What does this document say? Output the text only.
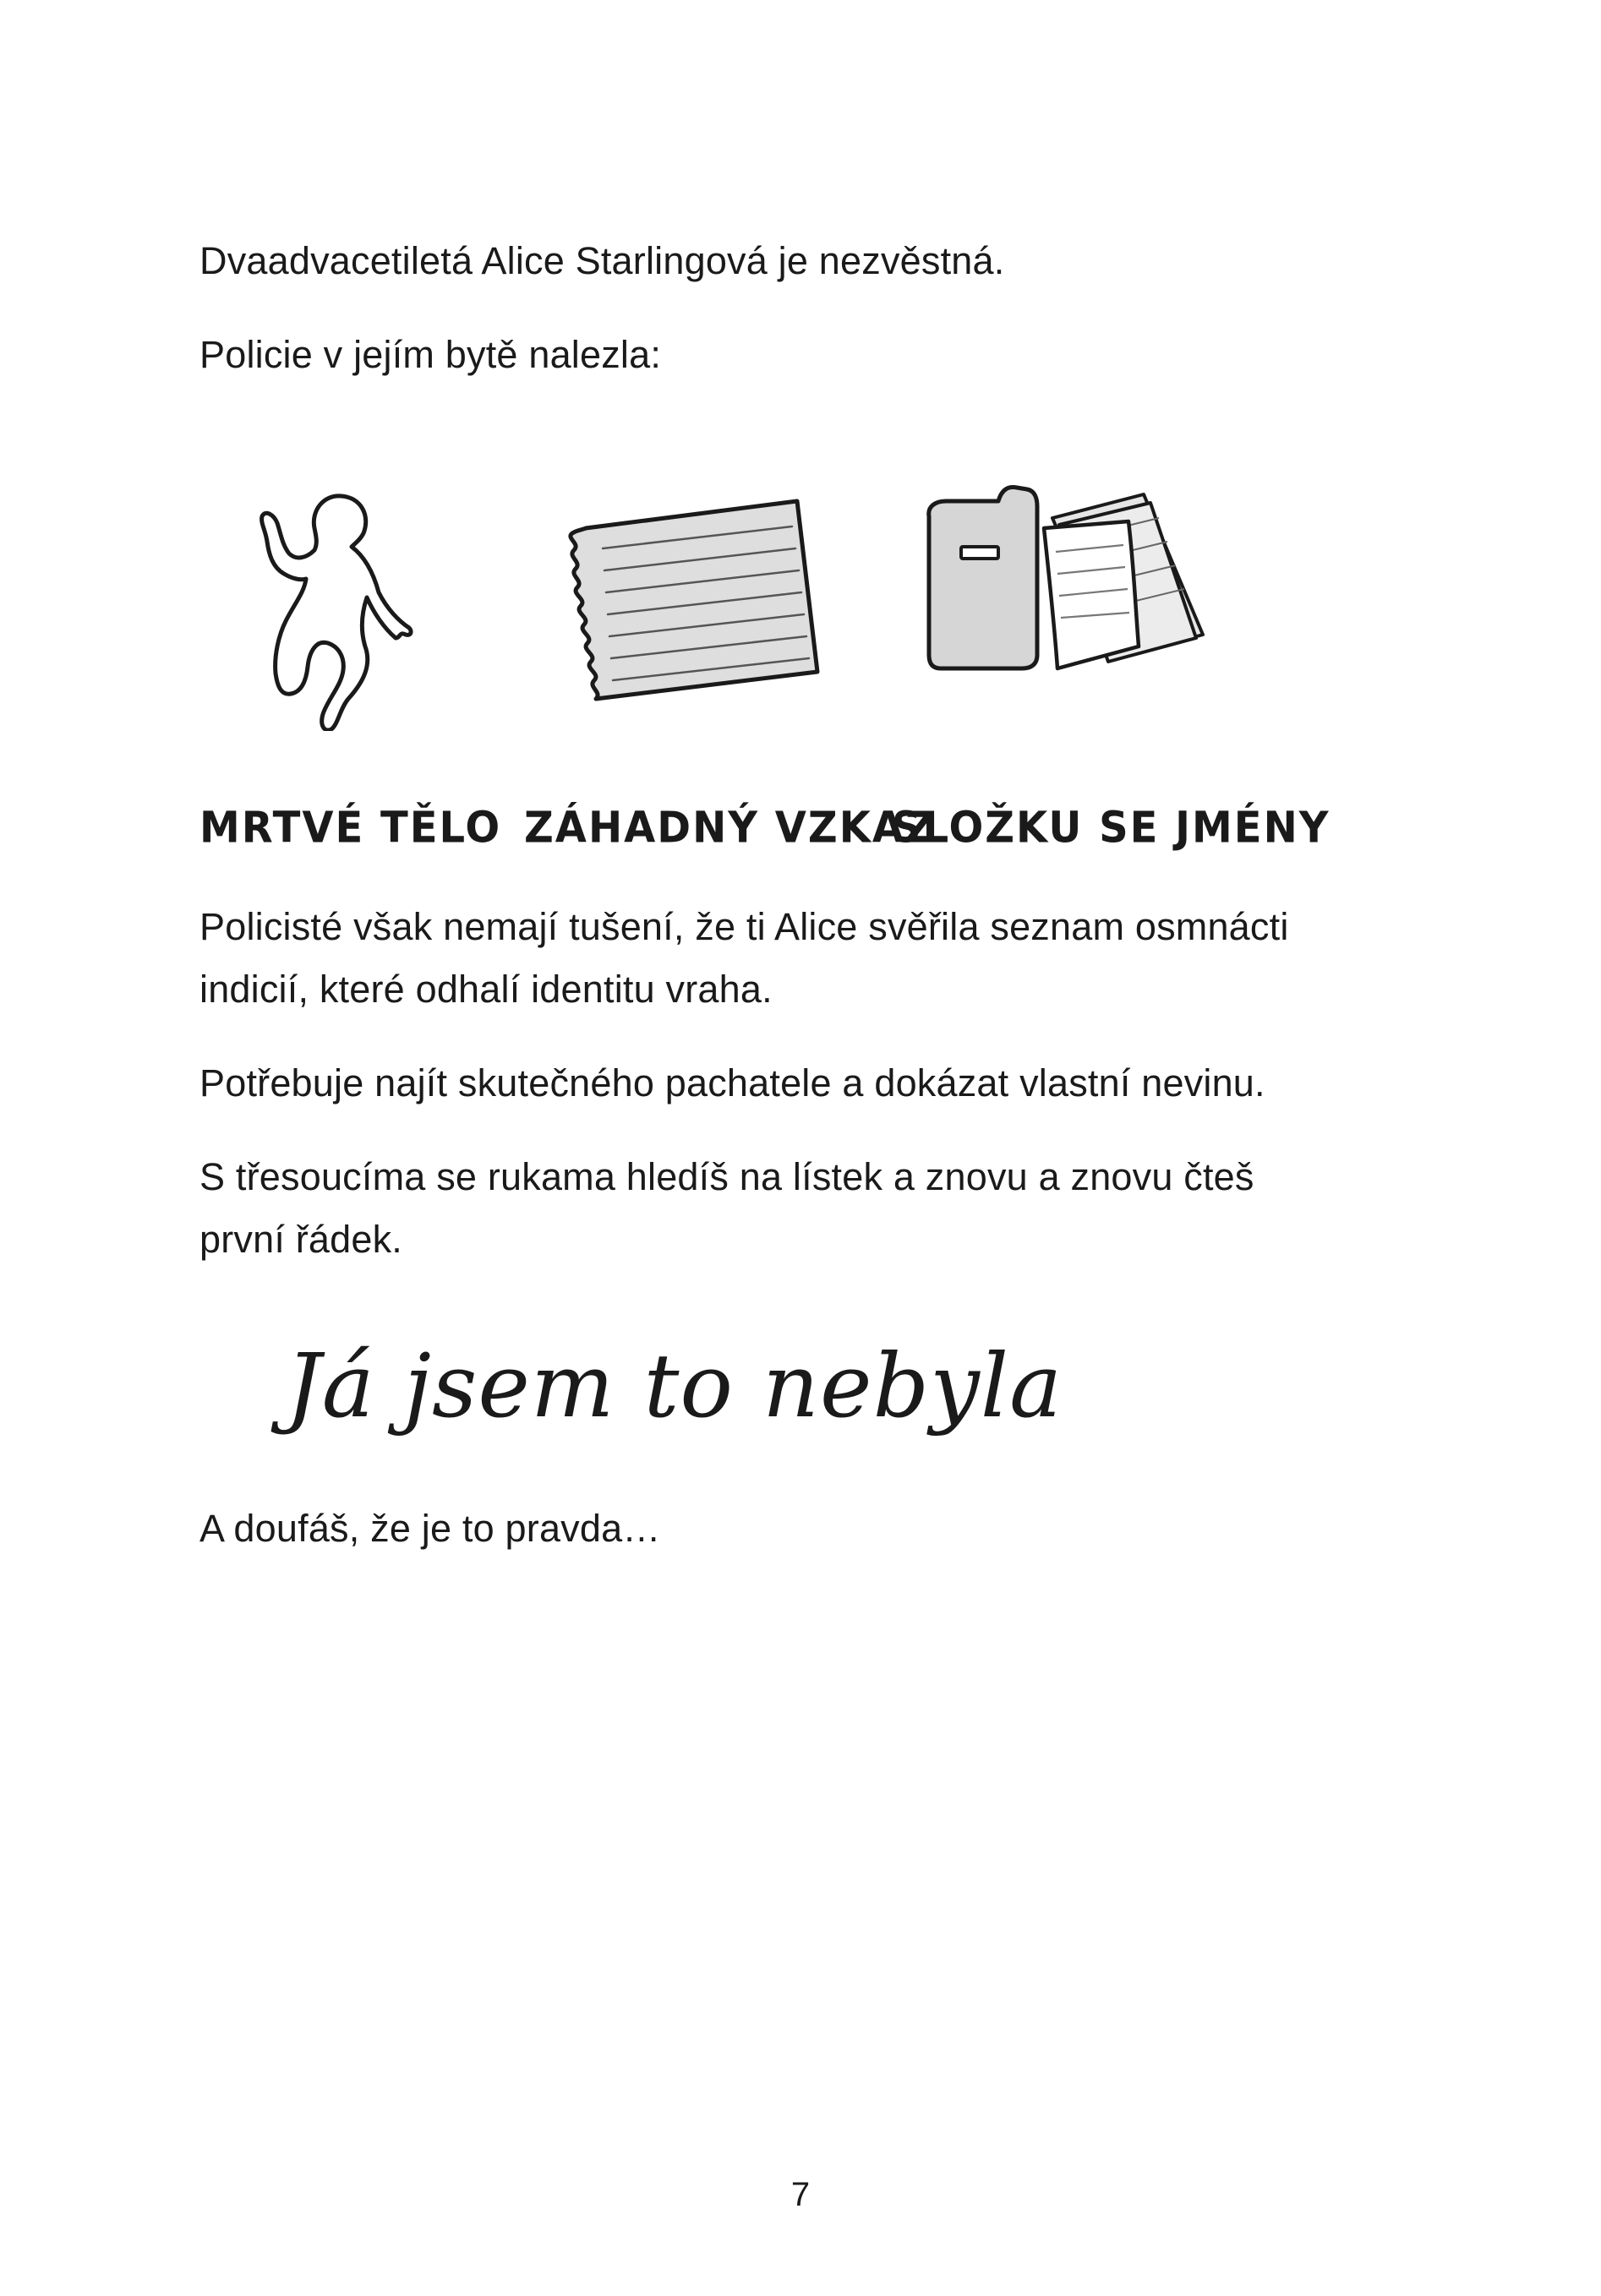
Dvaadvacetiletá Alice Starlingová je nezvěstná.

Policie v jejím bytě nalezla:

MRTVÉ TĚLO ZÁHADNÝ VZKAZ

SLOŽKU SE JMÉNY

Policisté však nemají tušení, že ti Alice svěřila seznam osmnácti

indicií, které odhalí identitu vraha.

Potřebuje najít skutečného pachatele a dokázat vlastní nevinu.

S třesoucíma se rukama hledíš na lístek a znovu a znovu čteš

první řádek.

Já jsem to nebyla

A doufáš, že je to pravda…

7
